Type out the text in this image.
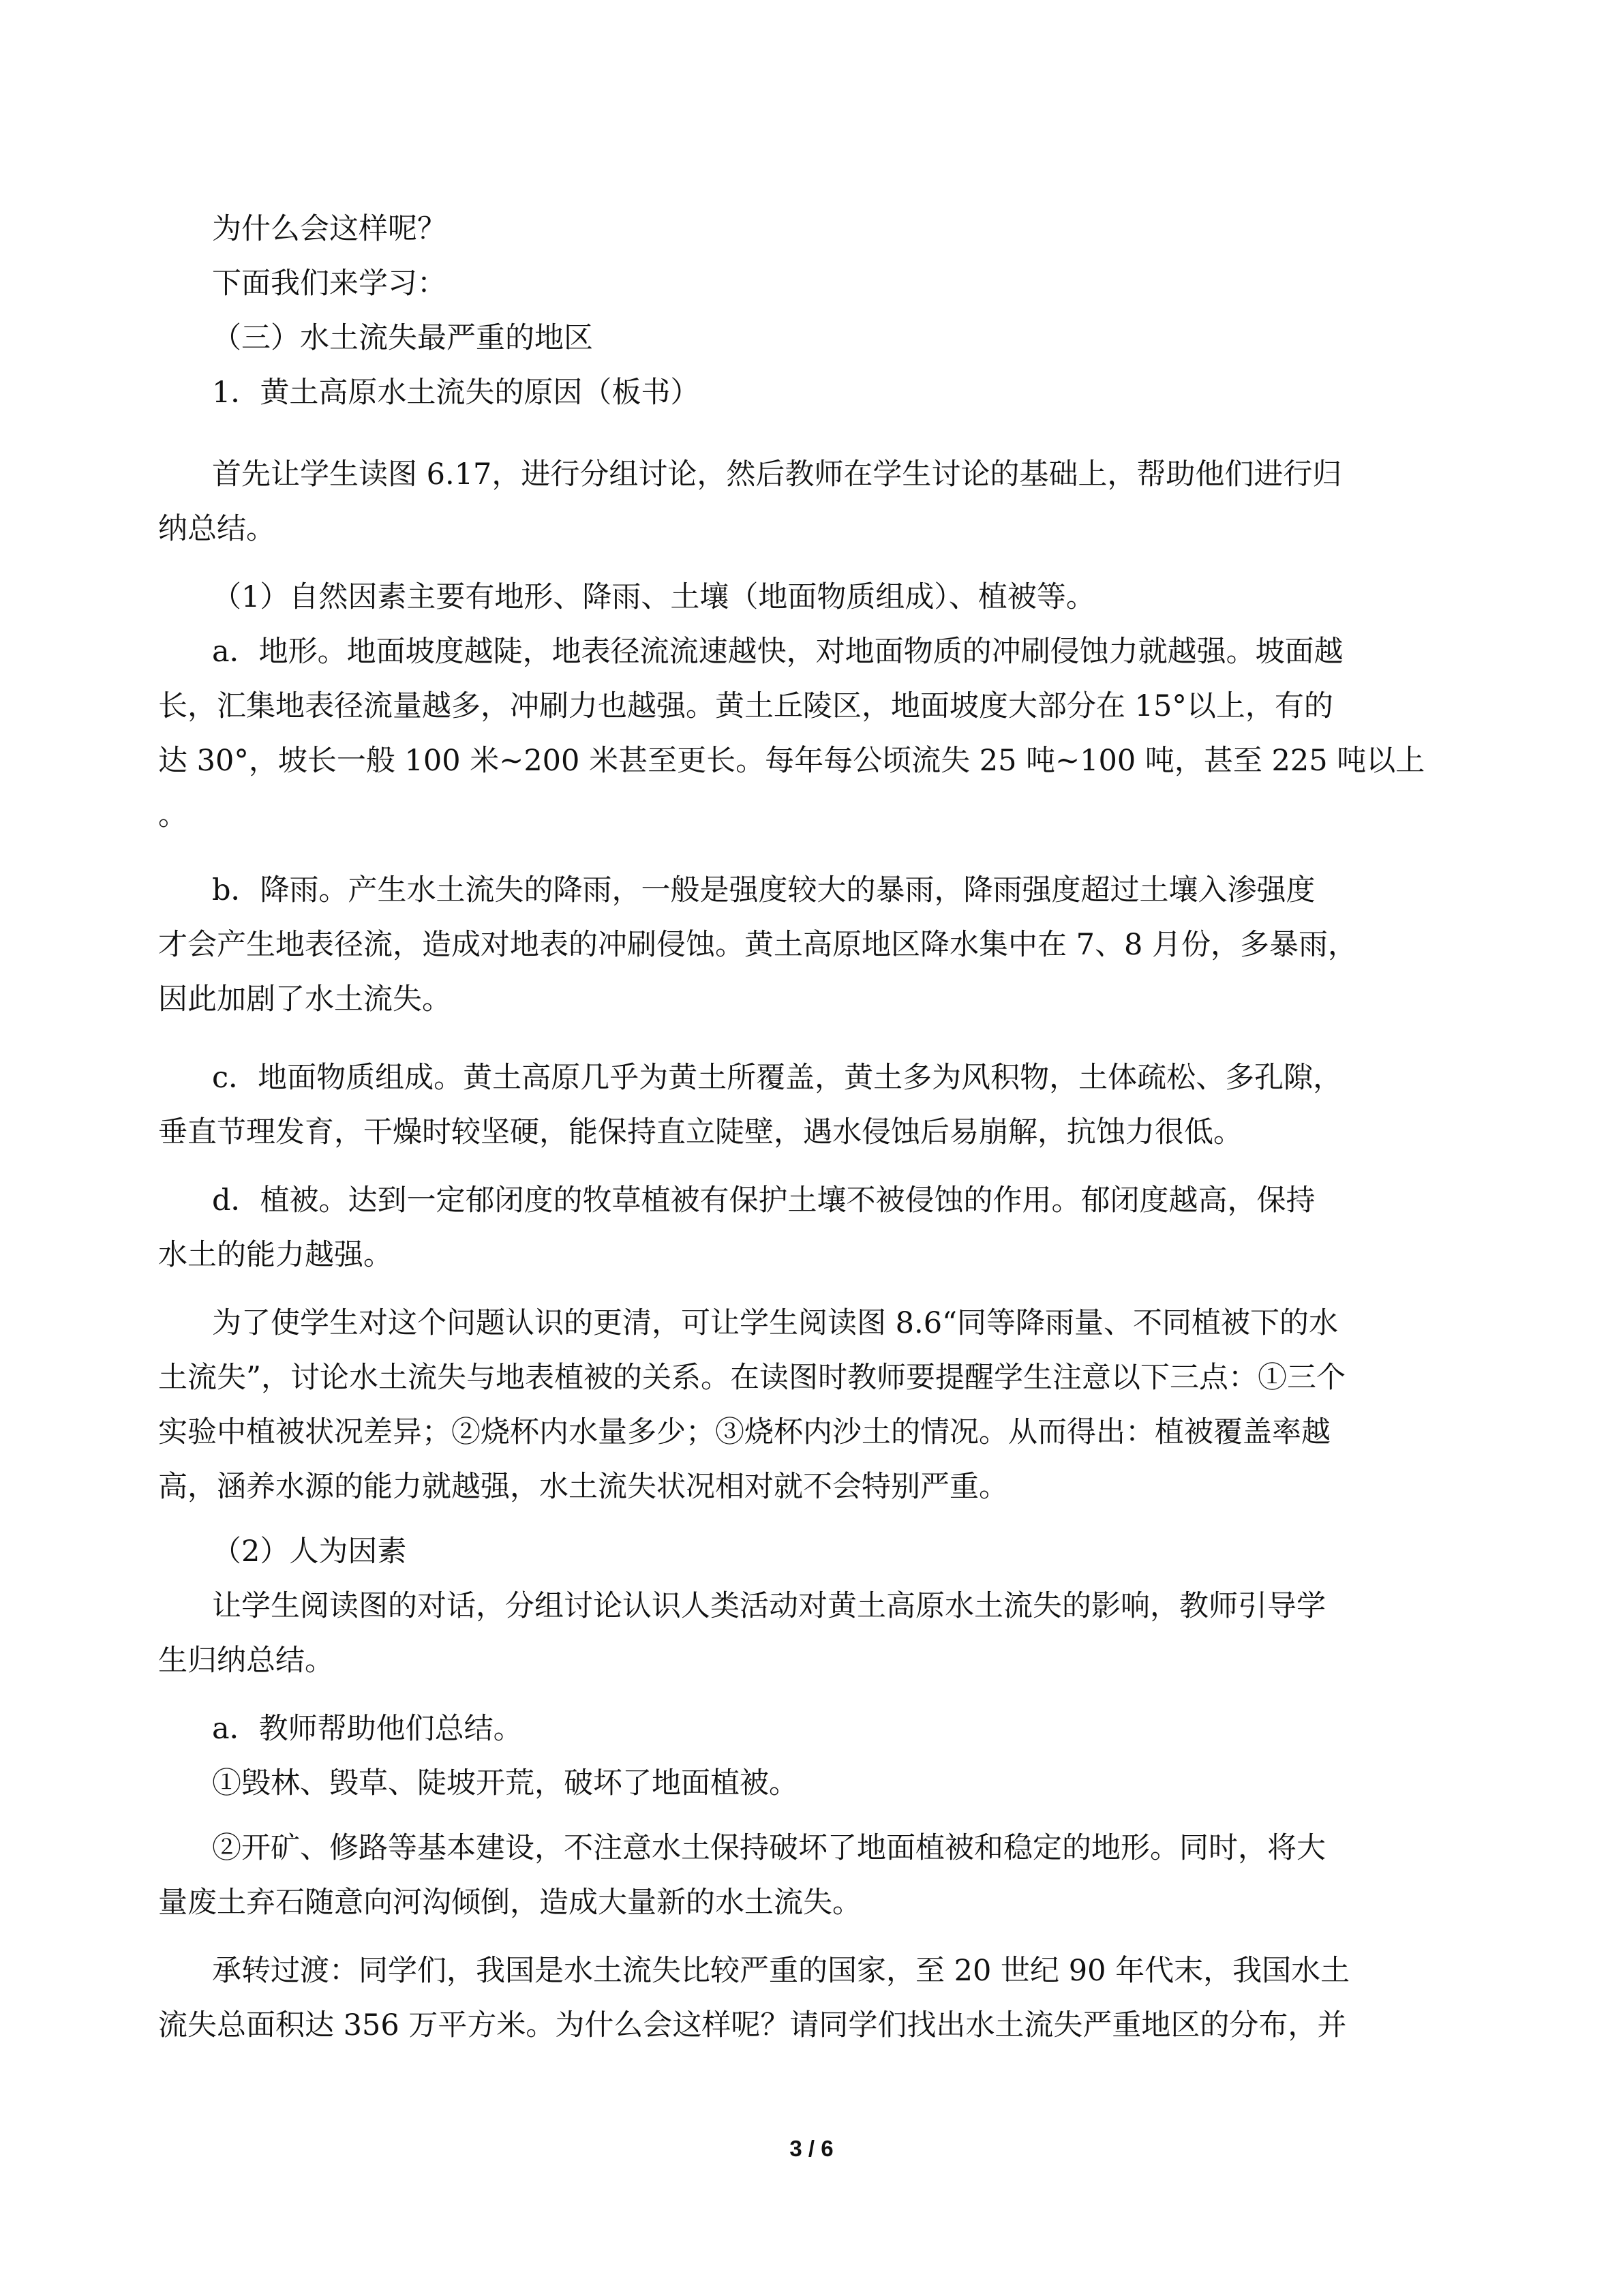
为什么会这样呢？
下面我们来学习：
（三）水土流失最严重的地区
1．黄土高原水土流失的原因（板书）
首先让学生读图 6.17，进行分组讨论，然后教师在学生讨论的基础上，帮助他们进行归
纳总结。
（1）自然因素主要有地形、降雨、土壤（地面物质组成）、植被等。
a．地形。地面坡度越陡，地表径流流速越快，对地面物质的冲刷侵蚀力就越强。坡面越
长，汇集地表径流量越多，冲刷力也越强。黄土丘陵区，地面坡度大部分在 15°以上，有的
达 30°，坡长一般 100 米~200 米甚至更长。每年每公顷流失 25 吨~100 吨，甚至 225 吨以上
。
b．降雨。产生水土流失的降雨，一般是强度较大的暴雨，降雨强度超过土壤入渗强度
才会产生地表径流，造成对地表的冲刷侵蚀。黄土高原地区降水集中在 7、8 月份，多暴雨，
因此加剧了水土流失。
c．地面物质组成。黄土高原几乎为黄土所覆盖，黄土多为风积物，土体疏松、多孔隙，
垂直节理发育，干燥时较坚硬，能保持直立陡壁，遇水侵蚀后易崩解，抗蚀力很低。
d．植被。达到一定郁闭度的牧草植被有保护土壤不被侵蚀的作用。郁闭度越高，保持
水土的能力越强。
为了使学生对这个问题认识的更清，可让学生阅读图 8.6“同等降雨量、不同植被下的水
土流失”，讨论水土流失与地表植被的关系。在读图时教师要提醒学生注意以下三点：①三个
实验中植被状况差异；②烧杯内水量多少；③烧杯内沙土的情况。从而得出：植被覆盖率越
高，涵养水源的能力就越强，水土流失状况相对就不会特别严重。
（2）人为因素
让学生阅读图的对话，分组讨论认识人类活动对黄土高原水土流失的影响，教师引导学
生归纳总结。
a．教师帮助他们总结。
①毁林、毁草、陡坡开荒，破坏了地面植被。
②开矿、修路等基本建设，不注意水土保持破坏了地面植被和稳定的地形。同时，将大
量废土弃石随意向河沟倾倒，造成大量新的水土流失。
承转过渡：同学们，我国是水土流失比较严重的国家，至 20 世纪 90 年代末，我国水土
流失总面积达 356 万平方米。为什么会这样呢？请同学们找出水土流失严重地区的分布，并
3 / 6
